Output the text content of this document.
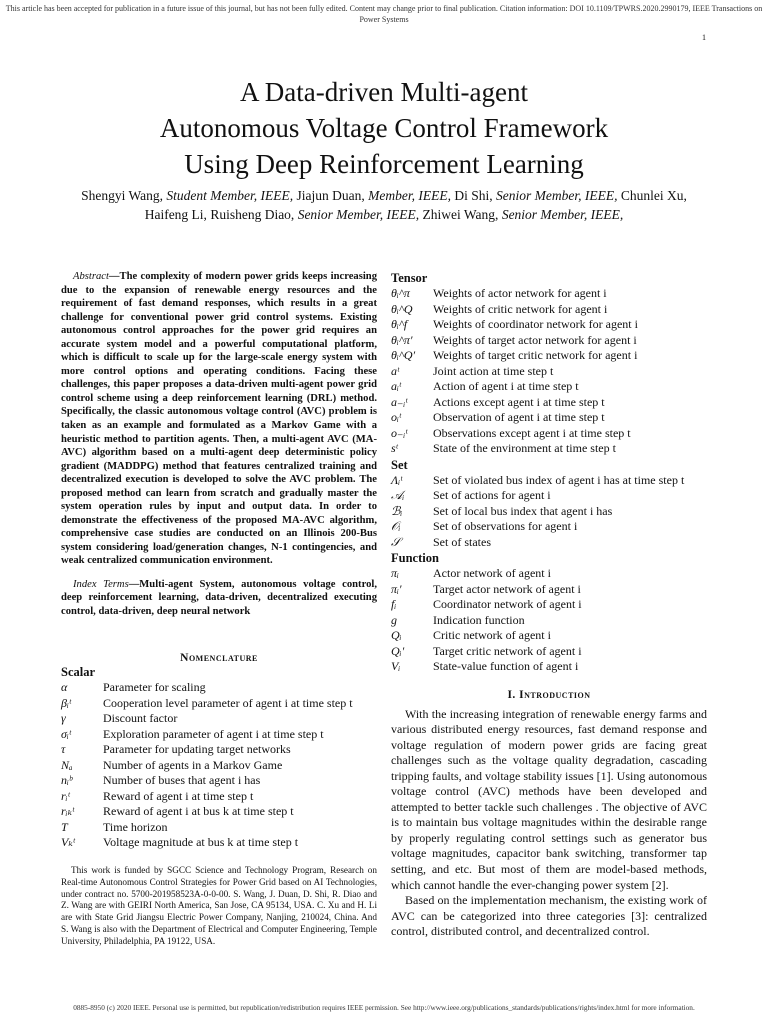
This article has been accepted for publication in a future issue of this journal, but has not been fully edited. Content may change prior to final publication. Citation information: DOI 10.1109/TPWRS.2020.2990179, IEEE Transactions on Power Systems
1
A Data-driven Multi-agent
Autonomous Voltage Control Framework
Using Deep Reinforcement Learning
Shengyi Wang, Student Member, IEEE, Jiajun Duan, Member, IEEE, Di Shi, Senior Member, IEEE, Chunlei Xu,
Haifeng Li, Ruisheng Diao, Senior Member, IEEE, Zhiwei Wang, Senior Member, IEEE,

Abstract—The complexity of modern power grids keeps increasing due to the expansion of renewable energy resources and the requirement of fast demand responses, which results in a great challenge for conventional power grid control systems. Existing autonomous control approaches for the power grid requires an accurate system model and a powerful computational platform, which is difficult to scale up for the large-scale energy system with more control options and operating conditions. Facing these challenges, this paper proposes a data-driven multi-agent power grid control scheme using a deep reinforcement learning (DRL) method. Specifically, the classic autonomous voltage control (AVC) problem is taken as an example and formulated as a Markov Game with a heuristic method to partition agents. Then, a multi-agent AVC (MA-AVC) algorithm based on a multi-agent deep deterministic policy gradient (MADDPG) method that features centralized training and decentralized execution is developed to solve the AVC problem. The proposed method can learn from scratch and gradually master the system operation rules by input and output data. In order to demonstrate the effectiveness of the proposed MA-AVC algorithm, comprehensive case studies are conducted on an Illinois 200-Bus system considering load/generation changes, N-1 contingencies, and weak centralized communication environment.

Index Terms—Multi-agent System, autonomous voltage control, deep reinforcement learning, data-driven, decentralized executing control, data-driven, deep neural network

Nomenclature
Scalar
α	Parameter for scaling
βᵢᵗ	Cooperation level parameter of agent i at time step t
γ	Discount factor
σᵢᵗ	Exploration parameter of agent i at time step t
τ	Parameter for updating target networks
Nₐ	Number of agents in a Markov Game
nᵢᵇ	Number of buses that agent i has
rᵢᵗ	Reward of agent i at time step t
rᵢₖᵗ	Reward of agent i at bus k at time step t
T	Time horizon
Vₖᵗ	Voltage magnitude at bus k at time step t

This work is funded by SGCC Science and Technology Program, Research on Real-time Autonomous Control Strategies for Power Grid based on AI Technologies, under contract no. 5700-201958523A-0-0-00. S. Wang, J. Duan, D. Shi, R. Diao and Z. Wang are with GEIRI North America, San Jose, CA 95134, USA. C. Xu and H. Li are with State Grid Jiangsu Electric Power Company, Nanjing, 210024, China. And S. Wang is also with the Department of Electrical and Computer Engineering, Temple University, Philadelphia, PA 19122, USA.

Tensor
θᵢ^π	Weights of actor network for agent i
θᵢ^Q	Weights of critic network for agent i
θᵢ^f	Weights of coordinator network for agent i
θᵢ^π′	Weights of target actor network for agent i
θᵢ^Q′	Weights of target critic network for agent i
aᵗ	Joint action at time step t
aᵢᵗ	Action of agent i at time step t
a₋ᵢᵗ	Actions except agent i at time step t
oᵢᵗ	Observation of agent i at time step t
o₋ᵢᵗ	Observations except agent i at time step t
sᵗ	State of the environment at time step t
Set
Λᵢᵗ	Set of violated bus index of agent i has at time step t
𝒜ᵢ	Set of actions for agent i
ℬᵢ	Set of local bus index that agent i has
𝒪ᵢ	Set of observations for agent i
𝒮	Set of states
Function
πᵢ	Actor network of agent i
πᵢ′	Target actor network of agent i
fᵢ	Coordinator network of agent i
g	Indication function
Qᵢ	Critic network of agent i
Qᵢ′	Target critic network of agent i
Vᵢ	State-value function of agent i
I. Introduction

With the increasing integration of renewable energy farms and various distributed energy resources, fast demand response and voltage regulation of modern power grids are facing great challenges such as the voltage quality degradation, cascading tripping faults, and voltage stability issues [1]. Using autonomous voltage control (AVC) methods have been developed and attempted to better tackle such challenges . The objective of AVC is to maintain bus voltage magnitudes within the desirable range by properly regulating control settings such as generator bus voltage magnitudes, capacitor bank switching, transformer tap setting, and etc. But most of them are model-based methods, which cannot handle the ever-changing power system [2].

Based on the implementation mechanism, the existing work of AVC can be categorized into three categories [3]: centralized control, distributed control, and decentralized control.

0885-8950 (c) 2020 IEEE. Personal use is permitted, but republication/redistribution requires IEEE permission. See http://www.ieee.org/publications_standards/publications/rights/index.html for more information.
